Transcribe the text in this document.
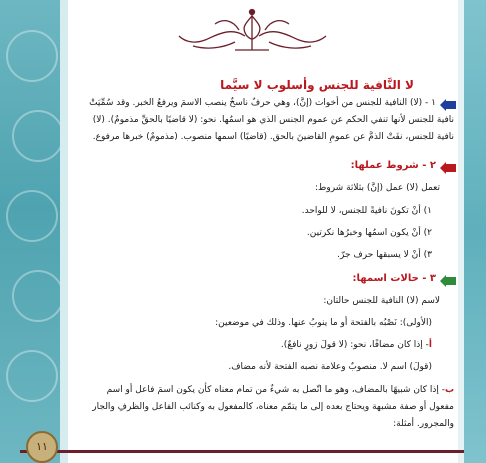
لا النَّافية للجنس وأسلوب لا سيَّما
١ - (لا) النافية للجنس من أخوات (إنَّ)، وهي حرفٌ ناسخٌ ينصب الاسمَ ويرفعُ الخبر. وقد سُمِّيَتْ
نافية للجنس لأنها تنفي الحكم عن عموم الجنس الذي هو اسمُها. نحو: (لا قاضيًا بالحقِّ مذمومٌ). (لا)
نافية للجنس، نفَتْ الذمَّ عن عمومِ القاضينَ بالحق. (قاضيًا) اسمها منصوب. (مذمومٌ) خبرها مرفوع.
٢ - شروط عملها:
تعمل (لا) عمل (إنَّ) بثلاثة شروط:
١) أنْ تكونَ نافيةً للجنس، لا للواحد.
٢) أنْ يكون اسمُها وخبرُها نكرتين.
٣) أنْ لا يسبقها حرف جرّ.
٣ - حالات اسمها:
لاسم (لا) النافية للجنس حالتان:
(الأولى): نَصْبُه بالفتحة أو ما ينوبُ عنها. وذلك في موضعين:
أ- إذا كان مضافًا، نحو: (لا قولَ زورٍ نافعٌ).
(قولَ) اسم لا. منصوبٌ وعلامة نصبه الفتحة لأنه مضاف.
ب- إذا كان شبيهًا بالمضاف، وهو ما اتّصل به شيءٌ من تمام معناه كأن يكون اسمَ فاعل أو اسم
مفعول أو صفة مشبهة ويحتاج بعده إلى ما يتمّم معناه، كالمفعول به وكنائب الفاعل والظرفِ والجار
والمجرور. أمثلة:
١١
